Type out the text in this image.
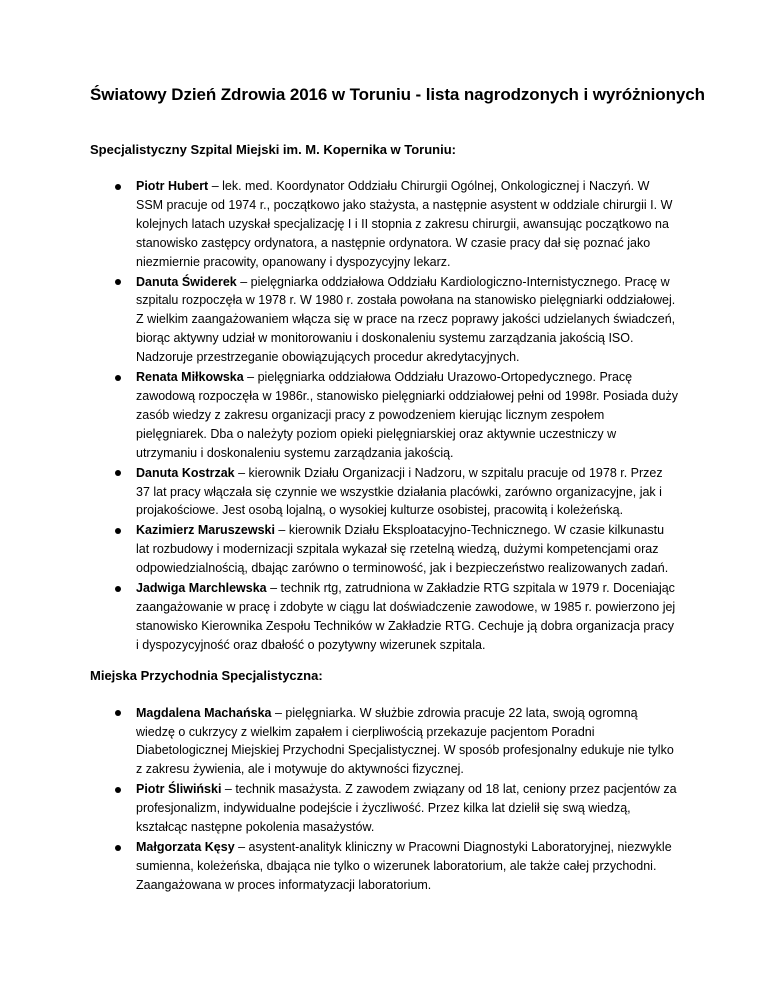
Światowy Dzień Zdrowia 2016 w Toruniu - lista nagrodzonych i wyróżnionych
Specjalistyczny Szpital Miejski im. M. Kopernika w Toruniu:
Piotr Hubert – lek. med. Koordynator Oddziału Chirurgii Ogólnej, Onkologicznej i Naczyń. W SSM pracuje od 1974 r., początkowo jako stażysta, a następnie asystent w oddziale chirurgii I. W kolejnych latach uzyskał specjalizację I i II stopnia z zakresu chirurgii, awansując początkowo na stanowisko zastępcy ordynatora, a następnie ordynatora. W czasie pracy dał się poznać jako niezmiernie pracowity, opanowany i dyspozycyjny lekarz.
Danuta Świderek – pielęgniarka oddziałowa Oddziału Kardiologiczno-Internistycznego. Pracę w szpitalu rozpoczęła w 1978 r. W 1980 r. została powołana na stanowisko pielęgniarki oddziałowej. Z wielkim zaangażowaniem włącza się w prace na rzecz poprawy jakości udzielanych świadczeń, biorąc aktywny udział w monitorowaniu i doskonaleniu systemu zarządzania jakością ISO. Nadzoruje przestrzeganie obowiązujących procedur akredytacyjnych.
Renata Miłkowska – pielęgniarka oddziałowa Oddziału Urazowo-Ortopedycznego. Pracę zawodową rozpoczęła w 1986r., stanowisko pielęgniarki oddziałowej pełni od 1998r. Posiada duży zasób wiedzy z zakresu organizacji pracy z powodzeniem kierując licznym zespołem pielęgniarek. Dba o należyty poziom opieki pielęgniarskiej oraz aktywnie uczestniczy w utrzymaniu i doskonaleniu systemu zarządzania jakością.
Danuta Kostrzak – kierownik Działu Organizacji i Nadzoru, w szpitalu pracuje od 1978 r. Przez 37 lat pracy włączała się czynnie we wszystkie działania placówki, zarówno organizacyjne, jak i projakościowe. Jest osobą lojalną, o wysokiej kulturze osobistej, pracowitą i koleżeńską.
Kazimierz Maruszewski – kierownik Działu Eksploatacyjno-Technicznego. W czasie kilkunastu lat rozbudowy i modernizacji szpitala wykazał się rzetelną wiedzą, dużymi kompetencjami oraz odpowiedzialnością, dbając zarówno o terminowość, jak i bezpieczeństwo realizowanych zadań.
Jadwiga Marchlewska – technik rtg, zatrudniona w Zakładzie RTG szpitala w 1979 r. Doceniając zaangażowanie w pracę i zdobyte w ciągu lat doświadczenie zawodowe, w 1985 r. powierzono jej stanowisko Kierownika Zespołu Techników w Zakładzie RTG. Cechuje ją dobra organizacja pracy i dyspozycyjność oraz dbałość o pozytywny wizerunek szpitala.
Miejska Przychodnia Specjalistyczna:
Magdalena Machańska – pielęgniarka. W służbie zdrowia pracuje 22 lata, swoją ogromną wiedzę o cukrzycy z wielkim zapałem i cierpliwością przekazuje pacjentom Poradni Diabetologicznej Miejskiej Przychodni Specjalistycznej. W sposób profesjonalny edukuje nie tylko z zakresu żywienia, ale i motywuje do aktywności fizycznej.
Piotr Śliwiński – technik masażysta. Z zawodem związany od 18 lat, ceniony przez pacjentów za profesjonalizm, indywidualne podejście i życzliwość. Przez kilka lat dzielił się swą wiedzą, kształcąc następne pokolenia masażystów.
Małgorzata Kęsy – asystent-analityk kliniczny w Pracowni Diagnostyki Laboratoryjnej, niezwykle sumienna, koleżeńska, dbająca nie tylko o wizerunek laboratorium, ale także całej przychodni. Zaangażowana w proces informatyzacji laboratorium.
